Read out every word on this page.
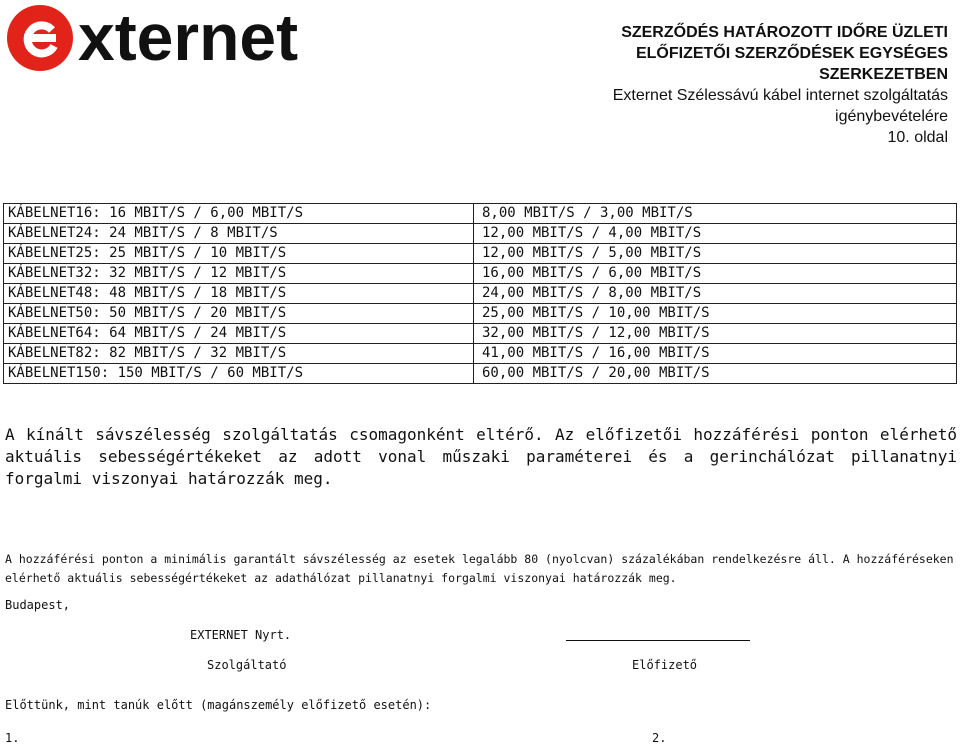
xternet	SZERZŐDÉS HATÁROZOTT IDŐRE ÜZLETI
ELŐFIZETŐI SZERZŐDÉSEK EGYSÉGES
SZERKEZETBEN
Externet Szélessávú kábel internet szolgáltatás
igénybevételére
10. oldal
KÁBELNET16: 16 MBIT/S / 6,00 MBIT/S	8,00 MBIT/S / 3,00 MBIT/S
KÁBELNET24: 24 MBIT/S / 8 MBIT/S	12,00 MBIT/S / 4,00 MBIT/S
KÁBELNET25: 25 MBIT/S / 10 MBIT/S	12,00 MBIT/S / 5,00 MBIT/S
KÁBELNET32: 32 MBIT/S / 12 MBIT/S	16,00 MBIT/S / 6,00 MBIT/S
KÁBELNET48: 48 MBIT/S / 18 MBIT/S	24,00 MBIT/S / 8,00 MBIT/S
KÁBELNET50: 50 MBIT/S / 20 MBIT/S	25,00 MBIT/S / 10,00 MBIT/S
KÁBELNET64: 64 MBIT/S / 24 MBIT/S	32,00 MBIT/S / 12,00 MBIT/S
KÁBELNET82: 82 MBIT/S / 32 MBIT/S	41,00 MBIT/S / 16,00 MBIT/S
KÁBELNET150: 150 MBIT/S / 60 MBIT/S	60,00 MBIT/S / 20,00 MBIT/S
A kínált sávszélesség szolgáltatás csomagonként eltérő. Az előfizetői hozzáférési ponton elérhető aktuális sebességértékeket az adott vonal műszaki paraméterei és a gerinchálózat pillanatnyi forgalmi viszonyai határozzák meg.
A hozzáférési ponton a minimális garantált sávszélesség az esetek legalább 80 (nyolcvan) százalékában rendelkezésre áll. A hozzáféréseken elérhető aktuális sebességértékeket az adathálózat pillanatnyi forgalmi viszonyai határozzák meg.
Budapest,
EXTERNET Nyrt.
Szolgáltató	Előfizető
Előttünk, mint tanúk előtt (magánszemély előfizető esetén):
1.	2.
